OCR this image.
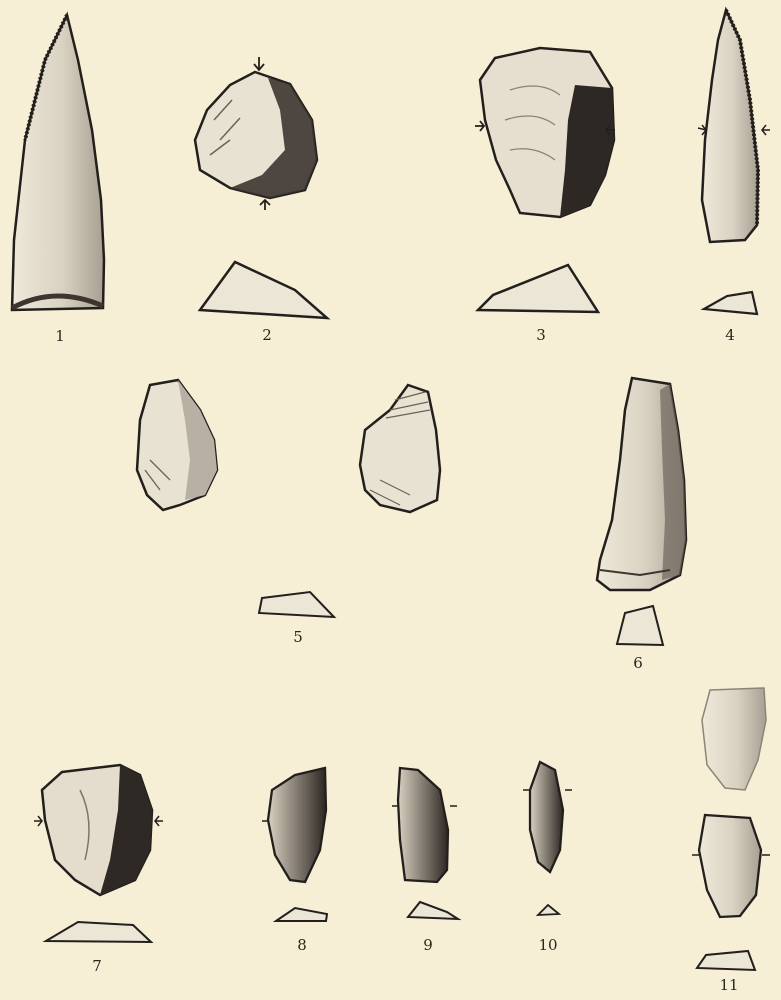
1	2	3	4
5
6
7
8	9	10
11
